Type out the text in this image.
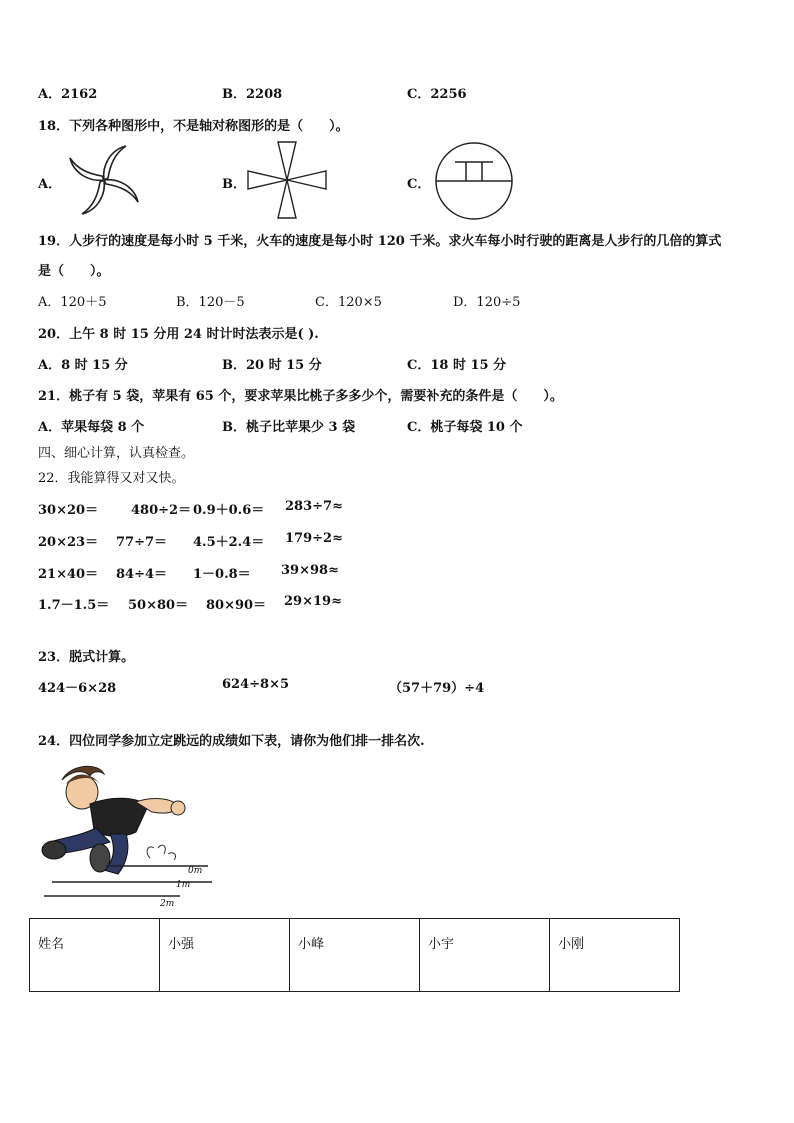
A．2162	B．2208	C．2256
18．下列各种图形中，不是轴对称图形的是（　　）。
A．	B．	C．
19．人步行的速度是每小时 5 千米，火车的速度是每小时 120 千米。求火车每小时行驶的距离是人步行的几倍的算式
是（　　）。
A．120＋5	B．120－5	C．120×5	D．120÷5
20．上午 8 时 15 分用 24 时计时法表示是( ).
A．8 时 15 分	B．20 时 15 分	C．18 时 15 分
21．桃子有 5 袋，苹果有 65 个，要求苹果比桃子多多少个，需要补充的条件是（　　）。
A．苹果每袋 8 个	B．桃子比苹果少 3 袋	C．桃子每袋 10 个
四、细心计算，认真检查。
22．我能算得又对又快。
30×20＝	480÷2＝ 0.9＋0.6＝ 283÷7≈
20×23＝ 77÷7＝ 4.5＋2.4＝ 179÷2≈
21×40＝ 84÷4＝ 1－0.8＝ 39×98≈
1.7－1.5＝ 50×80＝ 80×90＝ 29×19≈
23．脱式计算。
424－6×28	624÷8×5	（57＋79）÷4
24．四位同学参加立定跳远的成绩如下表，请你为他们排一排名次.
0m
1m
2m
姓名	小强	小峰	小宇	小刚
